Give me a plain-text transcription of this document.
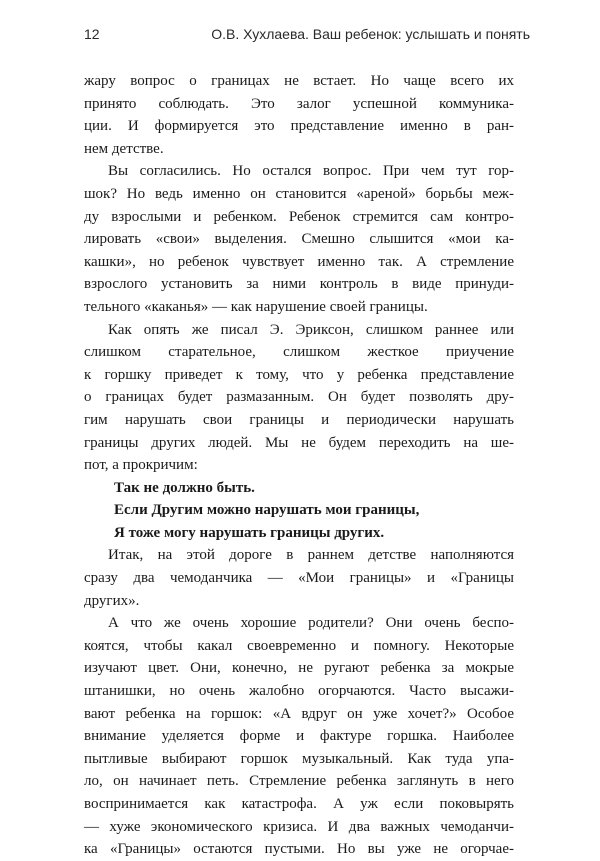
12	О.В. Хухлаева. Ваш ребенок: услышать и понять

жару вопрос о границах не встает. Но чаще всего их

принято соблюдать. Это залог успешной коммуника-

ции. И формируется это представление именно в ран-

нем детстве.

Вы согласились. Но остался вопрос. При чем тут гор-

шок? Но ведь именно он становится «ареной» борьбы меж-

ду взрослыми и ребенком. Ребенок стремится сам контро-

лировать «свои» выделения. Смешно слышится «мои ка-

кашки», но ребенок чувствует именно так. А стремление

взрослого установить за ними контроль в виде принуди-

тельного «каканья» — как нарушение своей границы.

Как опять же писал Э. Эриксон, слишком раннее или

слишком старательное, слишком жесткое приучение

к горшку приведет к тому, что у ребенка представление

о границах будет размазанным. Он будет позволять дру-

гим нарушать свои границы и периодически нарушать

границы других людей. Мы не будем переходить на ше-

пот, а прокричим:

Так не должно быть.

Если Другим можно нарушать мои границы,

Я тоже могу нарушать границы других.

Итак, на этой дороге в раннем детстве наполняются

сразу два чемоданчика — «Мои границы» и «Границы

других».

А что же очень хорошие родители? Они очень беспо-

коятся, чтобы какал своевременно и помногу. Некоторые

изучают цвет. Они, конечно, не ругают ребенка за мокрые

штанишки, но очень жалобно огорчаются. Часто высажи-

вают ребенка на горшок: «А вдруг он уже хочет?» Особое

внимание уделяется форме и фактуре горшка. Наиболее

пытливые выбирают горшок музыкальный. Как туда упа-

ло, он начинает петь. Стремление ребенка заглянуть в него

воспринимается как катастрофа. А уж если поковырять

— хуже экономического кризиса. И два важных чемоданчи-

ка «Границы» остаются пустыми. Но вы уже не огорчае-
